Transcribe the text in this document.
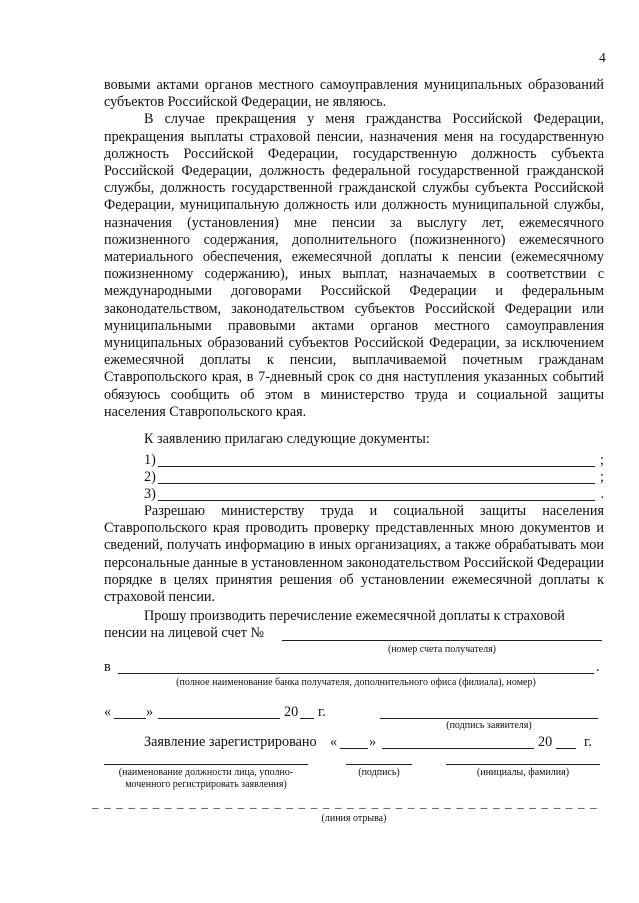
4

вовыми актами органов местного самоуправления муниципальных образований субъектов Российской Федерации, не являюсь.

В случае прекращения у меня гражданства Российской Федерации, прекращения выплаты страховой пенсии, назначения меня на государственную должность Российской Федерации, государственную должность субъекта Российской Федерации, должность федеральной государственной гражданской службы, должность государственной гражданской службы субъекта Российской Федерации, муниципальную должность или должность муниципальной службы, назначения (установления) мне пенсии за выслугу лет, ежемесячного пожизненного содержания, дополнительного (пожизненного) ежемесячного материального обеспечения, ежемесячной доплаты к пенсии (ежемесячному пожизненному содержанию), иных выплат, назначаемых в соответствии с международными договорами Российской Федерации и федеральным законодательством, законодательством субъектов Российской Федерации или муниципальными правовыми актами органов местного самоуправления муниципальных образований субъектов Российской Федерации, за исключением ежемесячной доплаты к пенсии, выплачиваемой почетным гражданам Ставропольского края, в 7-дневный срок со дня наступления указанных событий обязуюсь сообщить об этом в министерство труда и социальной защиты населения Ставропольского края.

К заявлению прилагаю следующие документы:
1)	;
2)	;
3)	.

Разрешаю министерству труда и социальной защиты населения Ставропольского края проводить проверку представленных мною документов и сведений, получать информацию в иных организациях, а также обрабатывать мои персональные данные в установленном законодательством Российской Федерации порядке в целях принятия решения об установлении ежемесячной доплаты к страховой пенсии.

Прошу производить перечисление ежемесячной доплаты к страховой
пенсии на лицевой счет №
(номер счета получателя)
в	.
(полное наименование банка получателя, дополнительного офиса (филиала), номер)
« »	20 г.
(подпись заявителя)
Заявление зарегистрировано « »	20 г.
(наименование должности лица, уполно-
моченного регистрировать заявления)
(подпись)	(инициалы, фамилия)
_ _ _ _ _ _ _ _ _ _ _ _ _ _ _ _ _ _ _ _ _ _ _ _ _ _ _ _ _ _ _ _ _ _ _ _ _ _ _ _ _ _
(линия отрыва)
